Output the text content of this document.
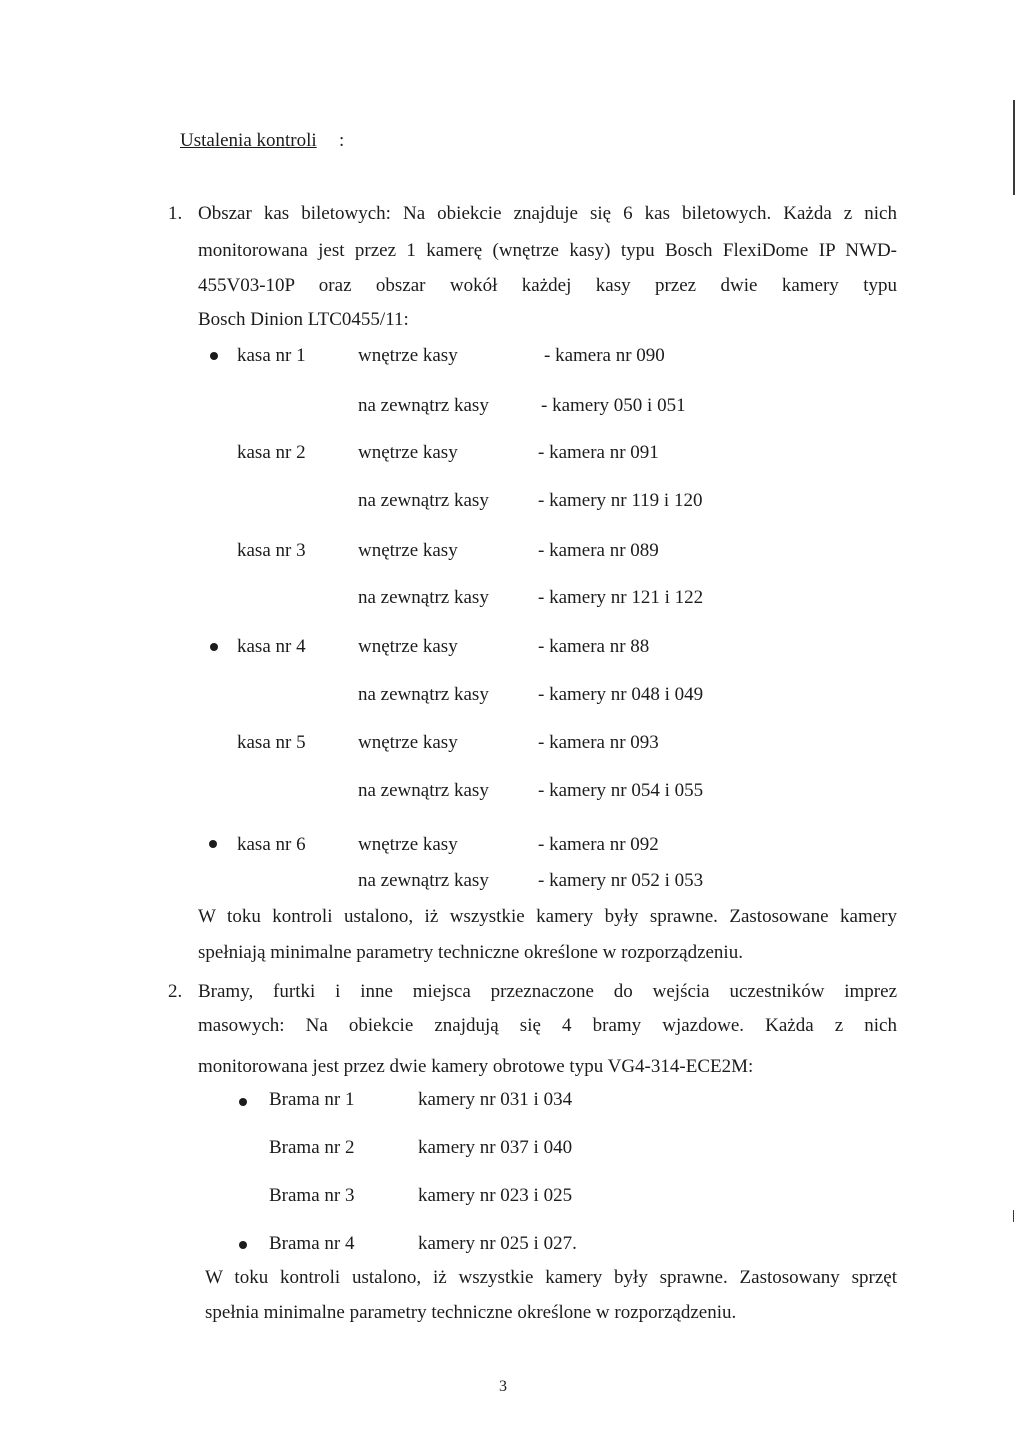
Ustalenia kontroli :
1. Obszar kas biletowych: Na obiekcie znajduje się 6 kas biletowych. Każda z nich
monitorowana jest przez 1 kamerę (wnętrze kasy) typu Bosch FlexiDome IP NWD-
455V03-10P oraz obszar wokół każdej kasy przez dwie kamery typu
Bosch Dinion LTC0455/11:
kasa nr 1	wnętrze kasy	- kamera nr 090
na zewnątrz kasy	- kamery 050 i 051
kasa nr 2	wnętrze kasy	- kamera nr 091
na zewnątrz kasy	- kamery nr 119 i 120
kasa nr 3	wnętrze kasy	- kamera nr 089
na zewnątrz kasy	- kamery nr 121 i 122
kasa nr 4	wnętrze kasy	- kamera nr 88
na zewnątrz kasy	- kamery nr 048 i 049
kasa nr 5	wnętrze kasy	- kamera nr 093
na zewnątrz kasy	- kamery nr 054 i 055
kasa nr 6	wnętrze kasy	- kamera nr 092
na zewnątrz kasy	- kamery nr 052 i 053
W toku kontroli ustalono, iż wszystkie kamery były sprawne. Zastosowane kamery
spełniają minimalne parametry techniczne określone w rozporządzeniu.
2. Bramy, furtki i inne miejsca przeznaczone do wejścia uczestników imprez
masowych: Na obiekcie znajdują się 4 bramy wjazdowe. Każda z nich
monitorowana jest przez dwie kamery obrotowe typu VG4-314-ECE2M:
Brama nr 1	kamery nr 031 i 034
Brama nr 2	kamery nr 037 i 040
Brama nr 3	kamery nr 023 i 025
Brama nr 4	kamery nr 025 i 027.
W toku kontroli ustalono, iż wszystkie kamery były sprawne. Zastosowany sprzęt
spełnia minimalne parametry techniczne określone w rozporządzeniu.
3
